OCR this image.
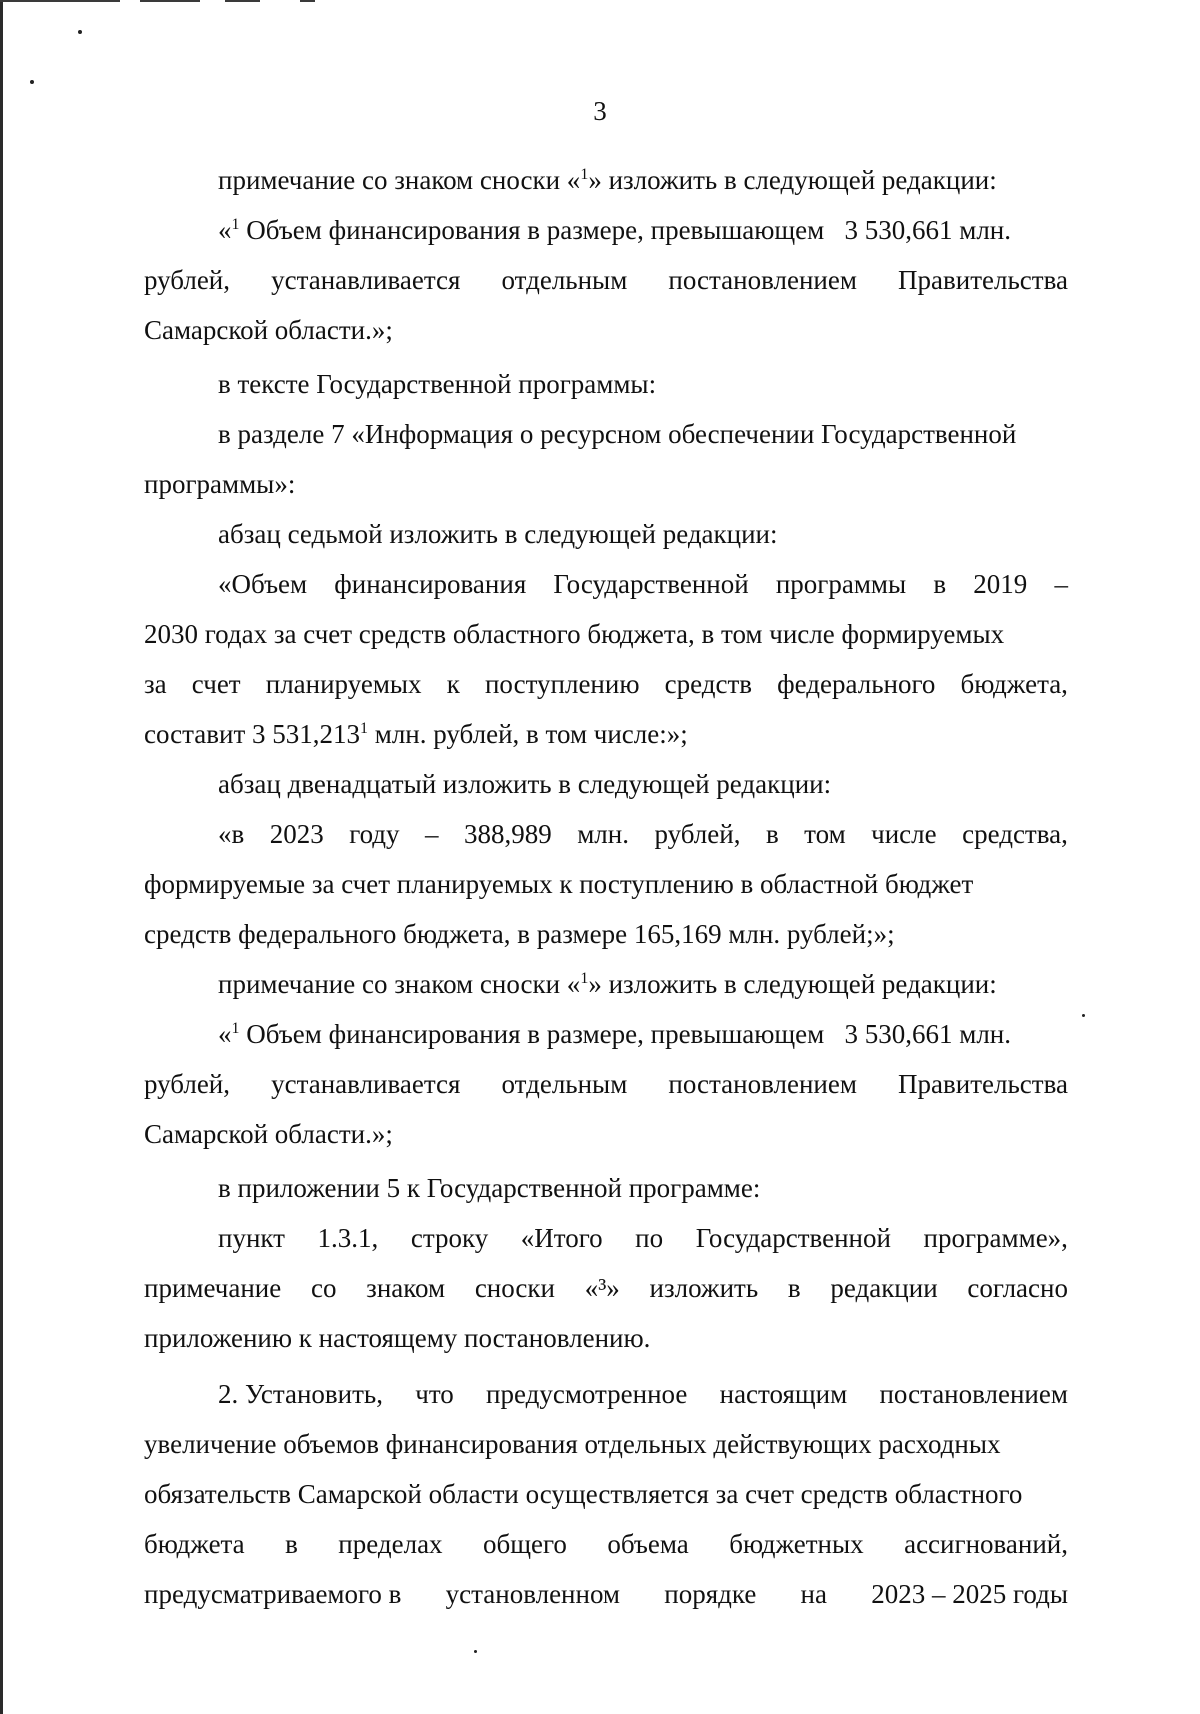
3

примечание со знаком сноски «$^1$» изложить в следующей редакции:

«$^1$ Объем финансирования в размере, превышающем   3 530,661 млн.
рублей, устанавливается отдельным постановлением Правительства
Самарской области.»;

в тексте Государственной программы:

в разделе 7 «Информация о ресурсном обеспечении Государственной
программы»:

абзац седьмой изложить в следующей редакции:

«Объем финансирования Государственной программы в 2019 –
2030 годах за счет средств областного бюджета, в том числе формируемых
за счет планируемых к поступлению средств федерального бюджета,
составит 3 531,213$^1$ млн. рублей, в том числе:»;

абзац двенадцатый изложить в следующей редакции:

«в 2023 году – 388,989 млн. рублей, в том числе средства,
формируемые за счет планируемых к поступлению в областной бюджет
средств федерального бюджета, в размере 165,169 млн. рублей;»;

примечание со знаком сноски «$^1$» изложить в следующей редакции:

«$^1$ Объем финансирования в размере, превышающем   3 530,661 млн.
рублей, устанавливается отдельным постановлением Правительства
Самарской области.»;

в приложении 5 к Государственной программе:

пункт 1.3.1, строку «Итого по Государственной программе»,
примечание со знаком сноски «³» изложить в редакции согласно
приложению к настоящему постановлению.

2. Установить, что предусмотренное настоящим постановлением
увеличение объемов финансирования отдельных действующих расходных
обязательств Самарской области осуществляется за счет средств областного
бюджета в пределах общего объема бюджетных ассигнований,
предусматриваемого в установленном порядке на 2023 – 2025 годы
